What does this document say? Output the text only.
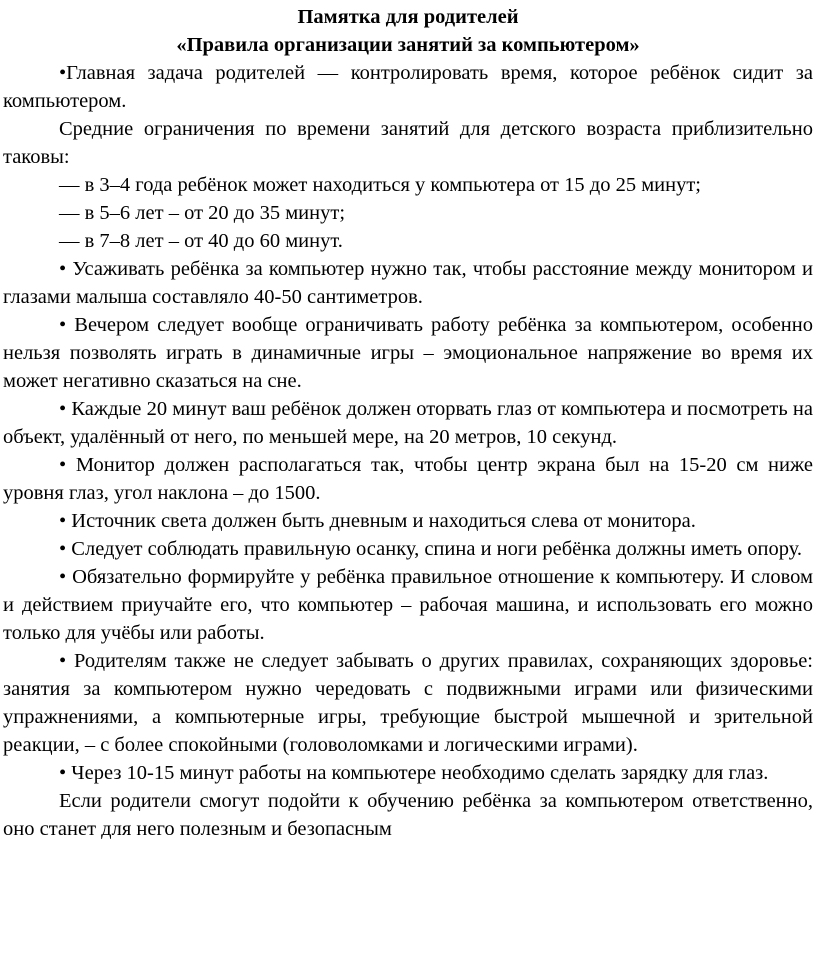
Памятка для родителей
«Правила организации занятий за компьютером»

•Главная задача родителей — контролировать время, которое ребёнок сидит за компьютером.

Средние ограничения по времени занятий для детского возраста приблизительно таковы:

— в 3–4 года ребёнок может находиться у компьютера от 15 до 25 минут;

— в 5–6 лет – от 20 до 35 минут;

— в 7–8 лет – от 40 до 60 минут.

• Усаживать ребёнка за компьютер нужно так, чтобы расстояние между монитором и глазами малыша составляло 40-50 сантиметров.

• Вечером следует вообще ограничивать работу ребёнка за компьютером, особенно нельзя позволять играть в динамичные игры – эмоциональное напряжение во время их может негативно сказаться на сне.

• Каждые 20 минут ваш ребёнок должен оторвать глаз от компьютера и посмотреть на объект, удалённый от него, по меньшей мере, на 20 метров, 10 секунд.

• Монитор должен располагаться так, чтобы центр экрана был на 15-20 см ниже уровня глаз, угол наклона – до 1500.

• Источник света должен быть дневным и находиться слева от монитора.

• Следует соблюдать правильную осанку, спина и ноги ребёнка должны иметь опору.

• Обязательно формируйте у ребёнка правильное отношение к компьютеру. И словом и действием приучайте его, что компьютер – рабочая машина, и использовать его можно только для учёбы или работы.

• Родителям также не следует забывать о других правилах, сохраняющих здоровье: занятия за компьютером нужно чередовать с подвижными играми или физическими упражнениями, а компьютерные игры, требующие быстрой мышечной и зрительной реакции, – с более спокойными (головоломками и логическими играми).

• Через 10-15 минут работы на компьютере необходимо сделать зарядку для глаз.

Если родители смогут подойти к обучению ребёнка за компьютером ответственно, оно станет для него полезным и безопасным
